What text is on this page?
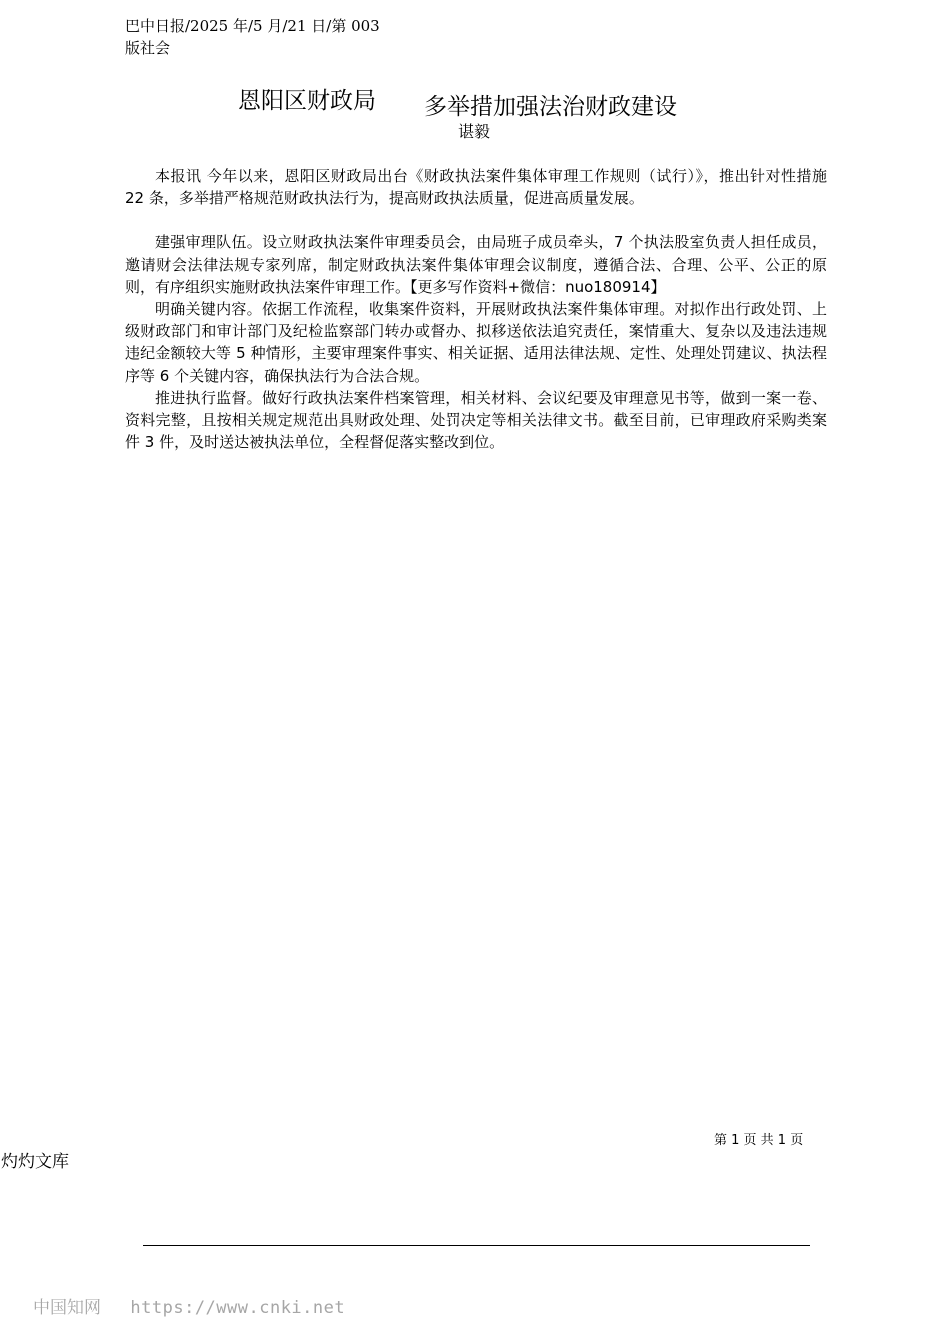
巴中日报/2025 年/5 月/21 日/第 003
版社会
恩阳区财政局 多举措加强法治财政建设
谌毅

本报讯 今年以来，恩阳区财政局出台《财政执法案件集体审理工作规则（试行）》，推出针对性措施 22 条，多举措严格规范财政执法行为，提高财政执法质量，促进高质量发展。

建强审理队伍。设立财政执法案件审理委员会，由局班子成员牵头，7 个执法股室负责人担任成员，邀请财会法律法规专家列席，制定财政执法案件集体审理会议制度，遵循合法、合理、公平、公正的原则，有序组织实施财政执法案件审理工作。【更多写作资料+微信：nuo180914】

明确关键内容。依据工作流程，收集案件资料，开展财政执法案件集体审理。对拟作出行政处罚、上级财政部门和审计部门及纪检监察部门转办或督办、拟移送依法追究责任，案情重大、复杂以及违法违规违纪金额较大等 5 种情形，主要审理案件事实、相关证据、适用法律法规、定性、处理处罚建议、执法程序等 6 个关键内容，确保执法行为合法合规。

推进执行监督。做好行政执法案件档案管理，相关材料、会议纪要及审理意见书等，做到一案一卷、资料完整，且按相关规定规范出具财政处理、处罚决定等相关法律文书。截至目前，已审理政府采购类案件 3 件，及时送达被执法单位，全程督促落实整改到位。

第 1 页 共 1 页
灼灼文库
中国知网 https://www.cnki.net
